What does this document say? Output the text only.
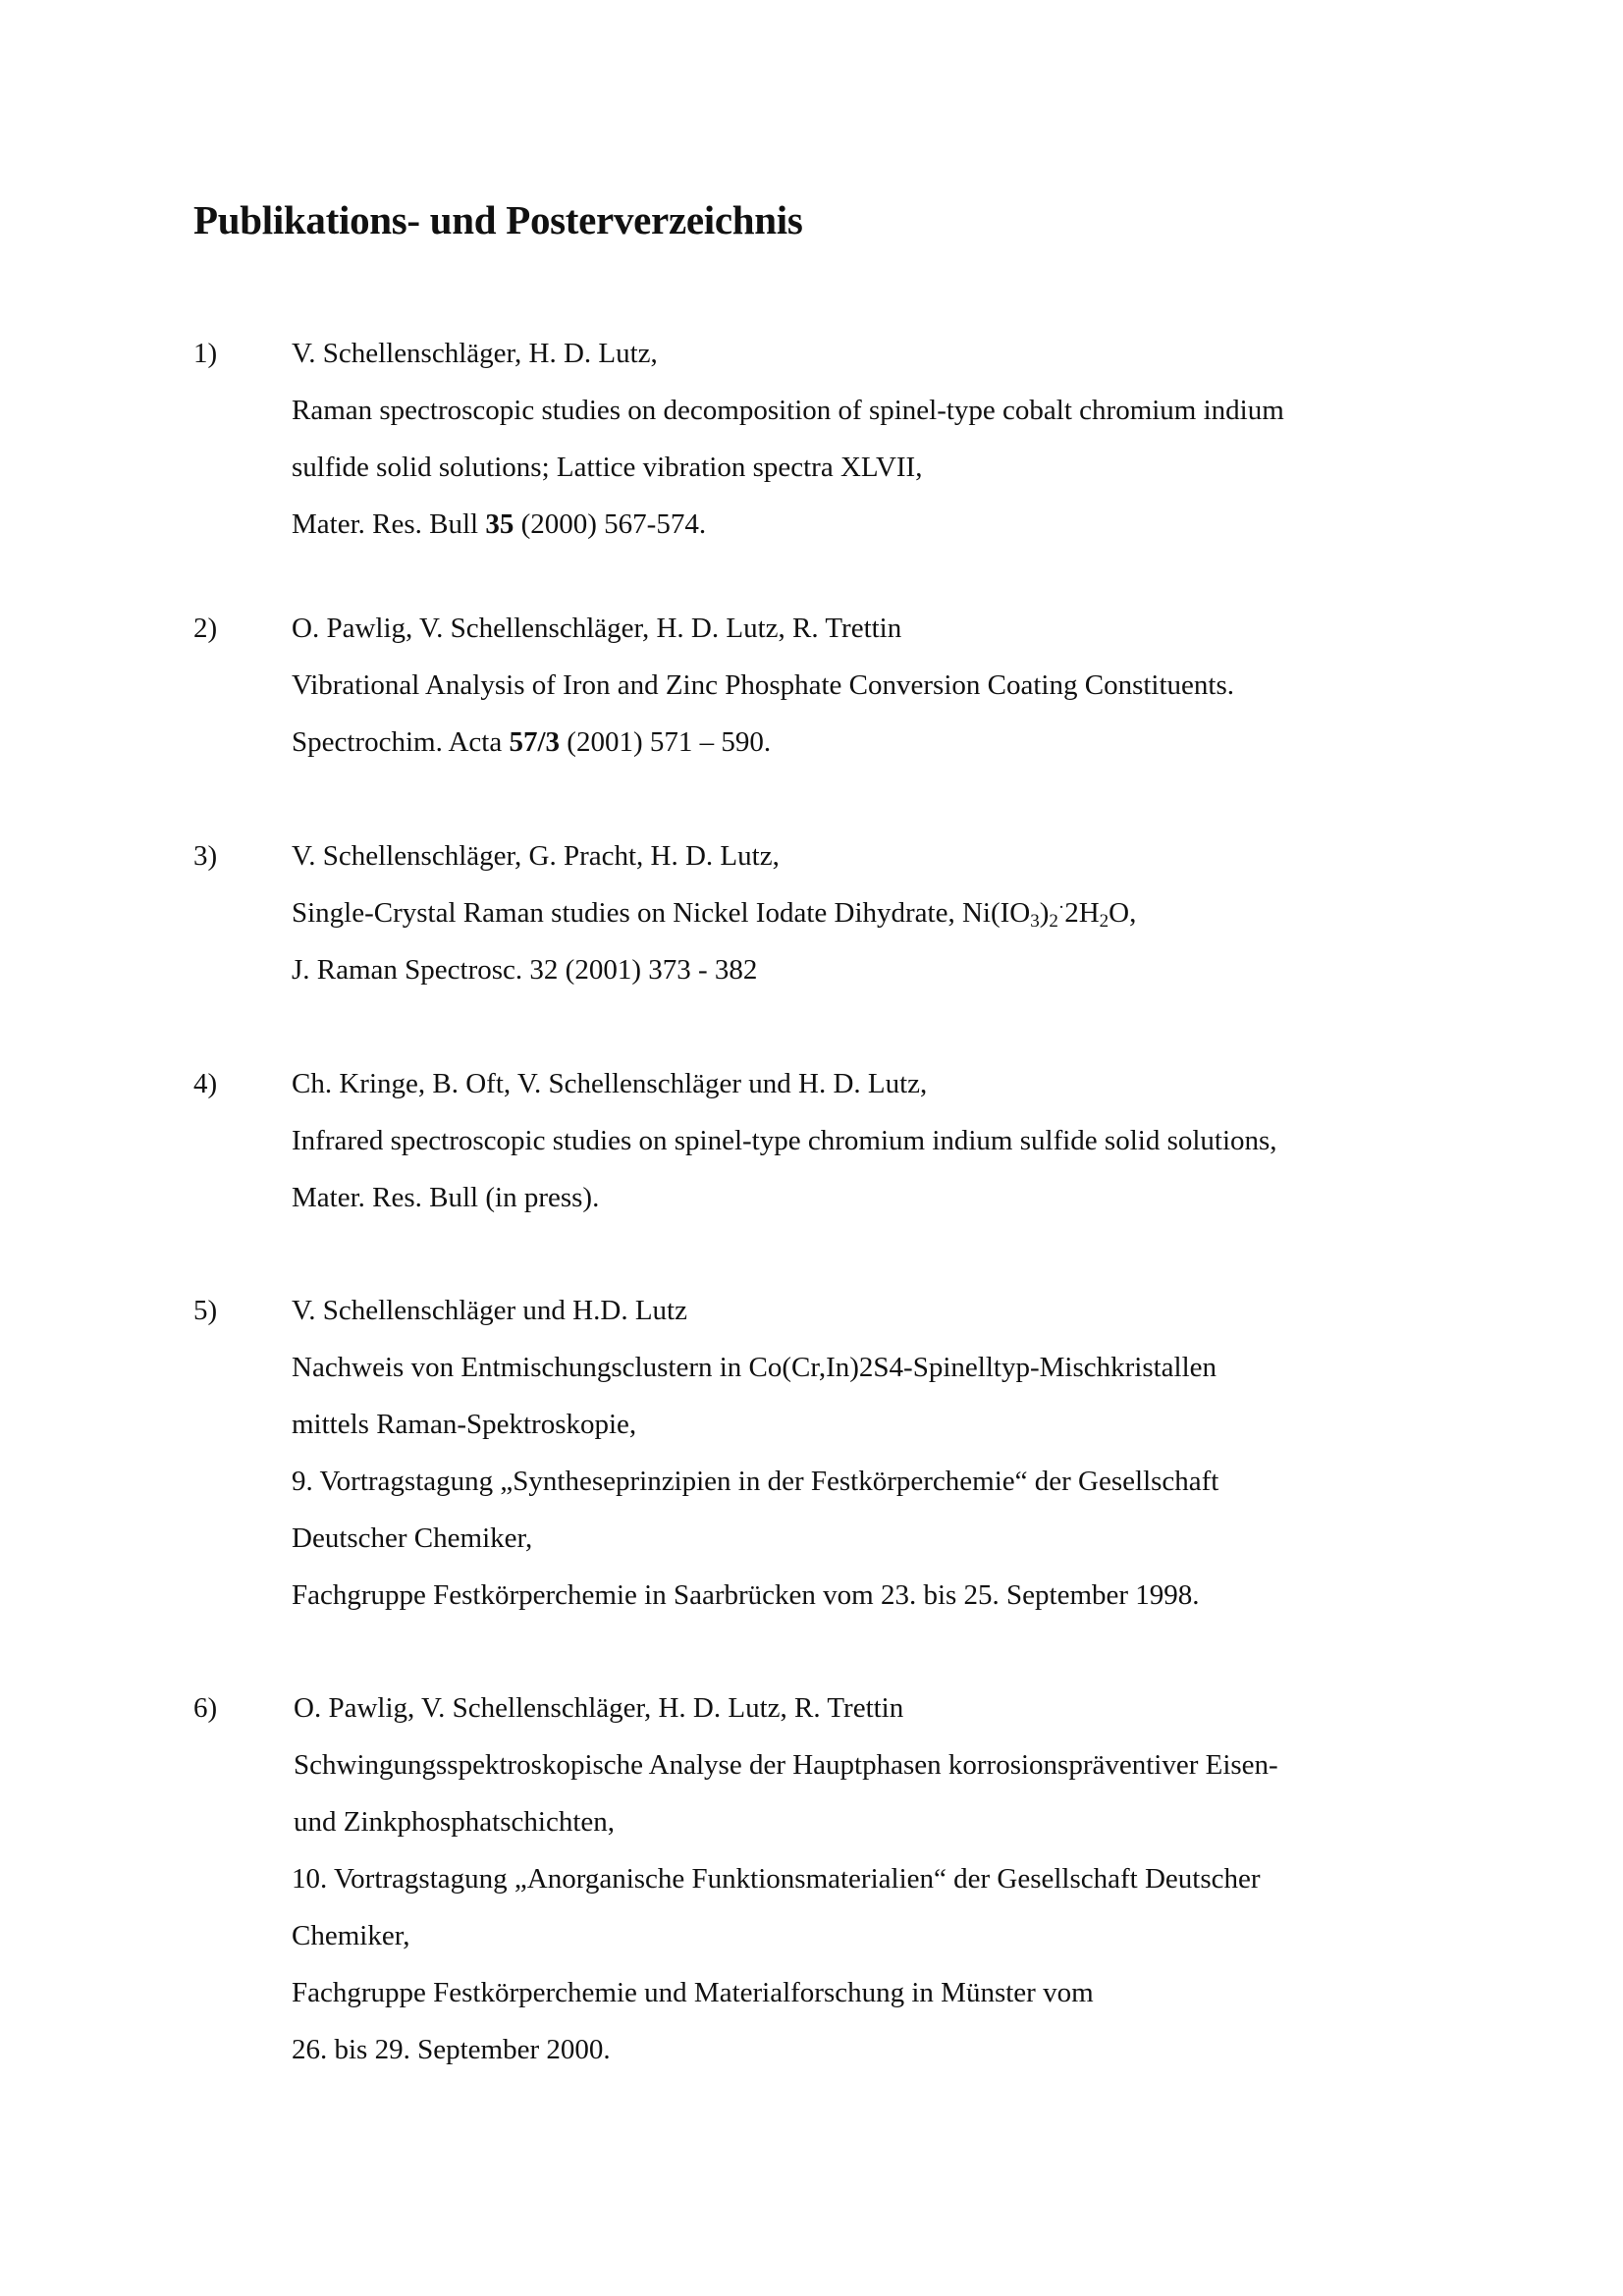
Publikations- und Posterverzeichnis
1)	V. Schellenschläger, H. D. Lutz,
Raman spectroscopic studies on decomposition of spinel-type cobalt chromium indium
sulfide solid solutions; Lattice vibration spectra XLVII,
Mater. Res. Bull 35 (2000) 567-574.
2)	O. Pawlig, V. Schellenschläger, H. D. Lutz, R. Trettin
Vibrational Analysis of Iron and Zinc Phosphate Conversion Coating Constituents.
Spectrochim. Acta 57/3 (2001) 571 – 590.
3)	V. Schellenschläger, G. Pracht, H. D. Lutz,
Single-Crystal Raman studies on Nickel Iodate Dihydrate, $Ni(IO_3)_2^\cdot 2H_2O$,
J. Raman Spectrosc. 32 (2001) 373 - 382
4)	Ch. Kringe, B. Oft, V. Schellenschläger und H. D. Lutz,
Infrared spectroscopic studies on spinel-type chromium indium sulfide solid solutions,
Mater. Res. Bull (in press).
5)	V. Schellenschläger und H.D. Lutz
Nachweis von Entmischungsclustern in Co(Cr,In)2S4-Spinelltyp-Mischkristallen
mittels Raman-Spektroskopie,
9. Vortragstagung „Syntheseprinzipien in der Festkörperchemie“ der Gesellschaft
Deutscher Chemiker,
Fachgruppe Festkörperchemie in Saarbrücken vom 23. bis 25. September 1998.
6)	O. Pawlig, V. Schellenschläger, H. D. Lutz, R. Trettin
Schwingungsspektroskopische Analyse der Hauptphasen korrosionspräventiver Eisen-
und Zinkphosphatschichten,
10. Vortragstagung „Anorganische Funktionsmaterialien“ der Gesellschaft Deutscher
Chemiker,
Fachgruppe Festkörperchemie und Materialforschung in Münster vom
26. bis 29. September 2000.
